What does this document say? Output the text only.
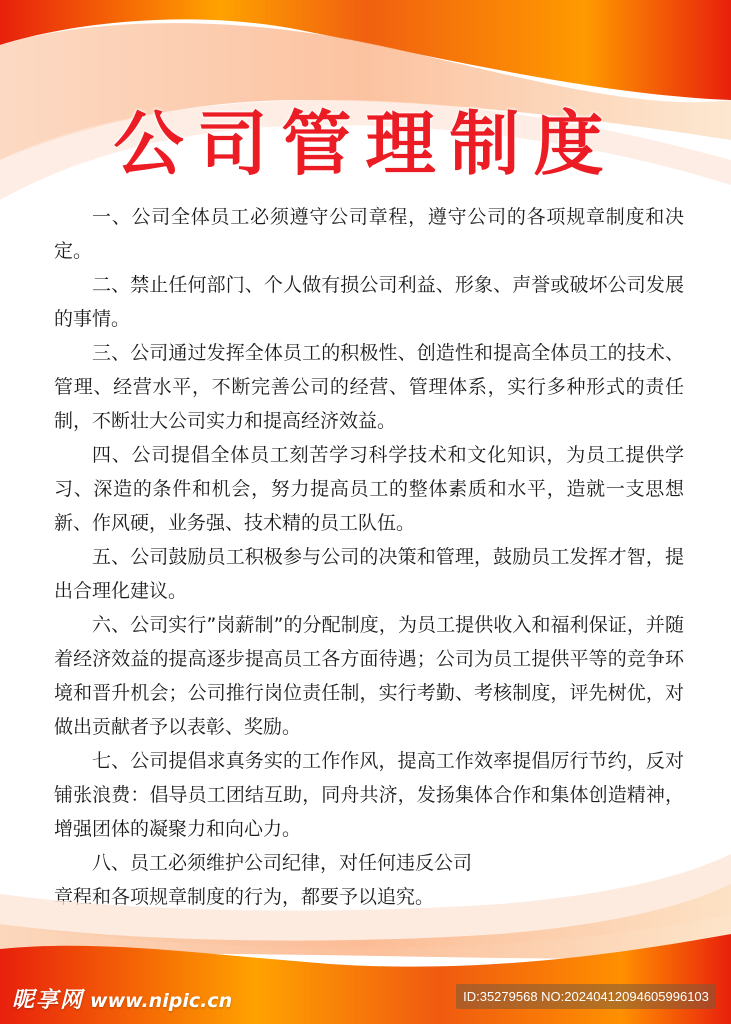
公司管理制度

一、公司全体员工必须遵守公司章程，遵守公司的各项规章制度和决定。

二、禁止任何部门、个人做有损公司利益、形象、声誉或破坏公司发展的事情。

三、公司通过发挥全体员工的积极性、创造性和提高全体员工的技术、管理、经营水平，不断完善公司的经营、管理体系，实行多种形式的责任制，不断壮大公司实力和提高经济效益。

四、公司提倡全体员工刻苦学习科学技术和文化知识，为员工提供学习、深造的条件和机会，努力提高员工的整体素质和水平，造就一支思想新、作风硬，业务强、技术精的员工队伍。

五、公司鼓励员工积极参与公司的决策和管理，鼓励员工发挥才智，提出合理化建议。

六、公司实行”岗薪制”的分配制度，为员工提供收入和福利保证，并随着经济效益的提高逐步提高员工各方面待遇；公司为员工提供平等的竞争环境和晋升机会；公司推行岗位责任制，实行考勤、考核制度，评先树优，对做出贡献者予以表彰、奖励。

七、公司提倡求真务实的工作作风，提高工作效率提倡厉行节约，反对铺张浪费：倡导员工团结互助，同舟共济，发扬集体合作和集体创造精神，增强团体的凝聚力和向心力。

八、员工必须维护公司纪律，对任何违反公司

章程和各项规章制度的行为，都要予以追究。

昵享网 www.nipic.cn	ID:35279568 NO:20240412094605996103
